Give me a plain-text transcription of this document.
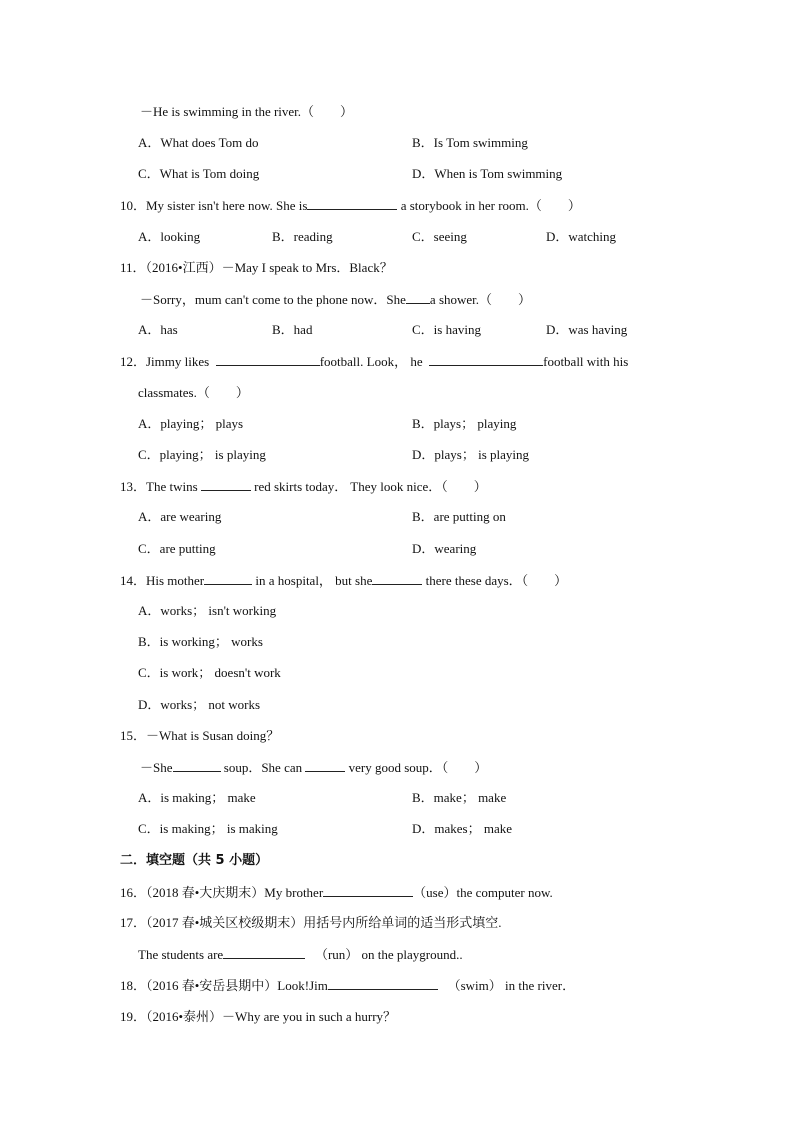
－He is swimming in the river.（　　）
A．What does Tom do	B．Is Tom swimming
C．What is Tom doing	D．When is Tom swimming
10．My sister isn't here now. She is	a storybook in her room.（　　）
A．looking	B．reading	C．seeing	D．watching
11．（2016•江西）－May I speak to Mrs．Black？
－Sorry，mum can't come to the phone now．She a shower.（　　）
A．has	B．had	C．is having	D．was having
12．Jimmy likes	football. Look， he	football with his
classmates.（　　）
A．playing； plays	B．plays； playing
C．playing； is playing	D．plays； is playing
13．The twins	red skirts today． They look nice．（　　）
A．are wearing	B．are putting on
C．are putting	D．wearing
14．His mother	in a hospital， but she	there these days．（　　）
A．works； isn't working
B．is working； works
C．is work； doesn't work
D．works； not works
15．－What is Susan doing？
－She	soup．She can	very good soup．（　　）
A．is making； make	B．make； make
C．is making； is making	D．makes； make
二．填空题（共 5 小题）
16．（2018 春•大庆期末）My brother	（use）the computer now.
17．（2017 春•城关区校级期末）用括号内所给单词的适当形式填空.
The students are	（run） on the playground..
18．（2016 春•安岳县期中）Look!Jim	（swim） in the river．
19．（2016•泰州）－Why are you in such a hurry？
